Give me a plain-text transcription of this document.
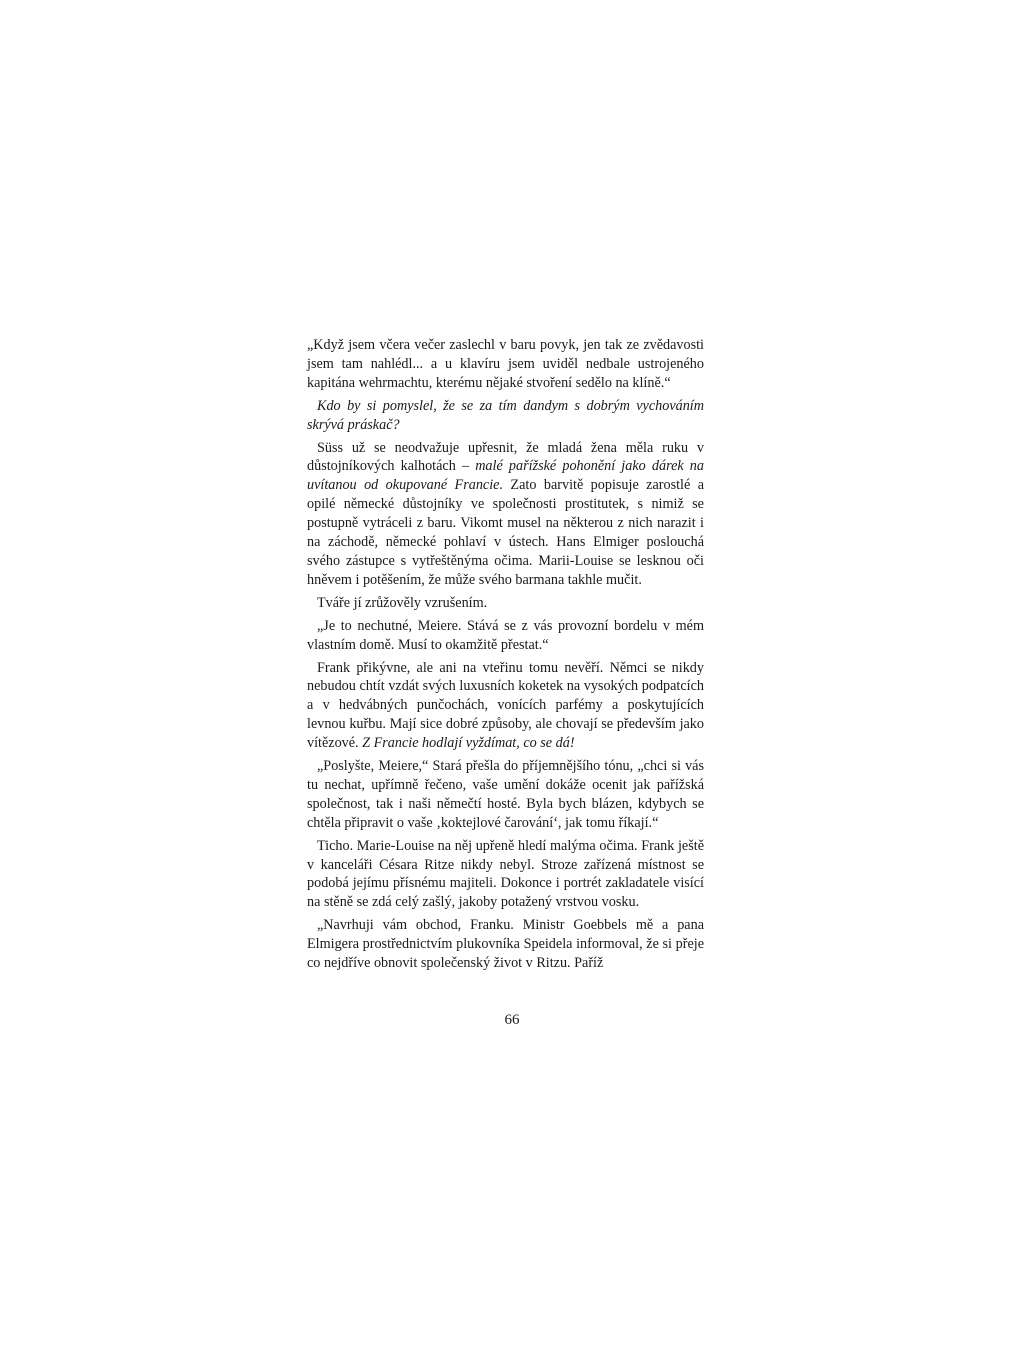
„Když jsem včera večer zaslechl v baru povyk, jen tak ze zvědavosti jsem tam nahlédl... a u klavíru jsem uviděl nedbale ustrojeného kapitána wehrmachtu, kterému nějaké stvoření sedělo na klíně.“

Kdo by si pomyslel, že se za tím dandym s dobrým vychováním skrývá práskač?

Süss už se neodvažuje upřesnit, že mladá žena měla ruku v důstojníkových kalhotách – malé pařížské pohonění jako dárek na uvítanou od okupované Francie. Zato barvitě popisuje zarostlé a opilé německé důstojníky ve společnosti prostitutek, s nimiž se postupně vytráceli z baru. Vikomt musel na některou z nich narazit i na záchodě, německé pohlaví v ústech. Hans Elmiger poslouchá svého zástupce s vytřeštěnýma očima. Marii-Louise se lesknou oči hněvem i potěšením, že může svého barmana takhle mučit.

Tváře jí zrůžověly vzrušením.

„Je to nechutné, Meiere. Stává se z vás provozní bordelu v mém vlastním domě. Musí to okamžitě přestat.“

Frank přikývne, ale ani na vteřinu tomu nevěří. Němci se nikdy nebudou chtít vzdát svých luxusních koketek na vysokých podpatcích a v hedvábných punčochách, vonících parfémy a poskytujících levnou kuřbu. Mají sice dobré způsoby, ale chovají se především jako vítězové. Z Francie hodlají vyždímat, co se dá!

„Poslyšte, Meiere,“ Stará přešla do příjemnějšího tónu, „chci si vás tu nechat, upřímně řečeno, vaše umění dokáže ocenit jak pařížská společnost, tak i naši němečtí hosté. Byla bych blázen, kdybych se chtěla připravit o vaše ‚koktejlové čarování‘, jak tomu říkají.“

Ticho. Marie-Louise na něj upřeně hledí malýma očima. Frank ještě v kanceláři Césara Ritze nikdy nebyl. Stroze zařízená místnost se podobá jejímu přísnému majiteli. Dokonce i portrét zakladatele visící na stěně se zdá celý zašlý, jakoby potažený vrstvou vosku.

„Navrhuji vám obchod, Franku. Ministr Goebbels mě a pana Elmigera prostřednictvím plukovníka Speidela informoval, že si přeje co nejdříve obnovit společenský život v Ritzu. Paříž

66
